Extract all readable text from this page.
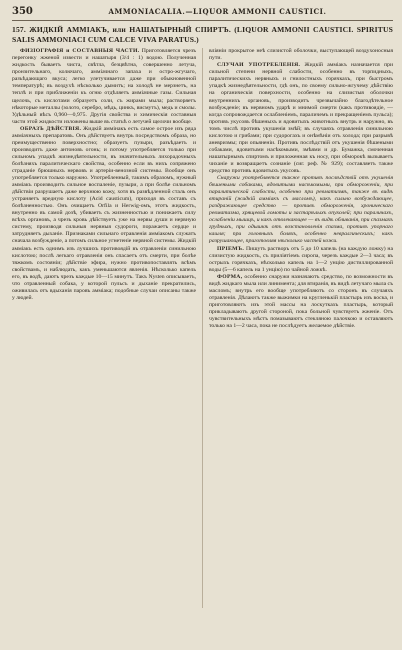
350	AMMONIACALIA.—LIQUOR AMMONII CAUSTICI.
157. ЖИДКІЙ АММІАКЪ, или НАШАТЫРНЫЙ СПИРТЪ. (LIQUOR AMMONII CAUSTICI. SPIRITUS SALIS AMMONIACI CUM CALCE VIVA PARATUS.)

ФИЗІОГРАФІЯ и СОСТАВНЫЯ ЧАСТИ. Приготовляется чрезъ перегонку жженой извести и нашатыря (3/4 : 1) водою. Полученная жидкость бываетъ чиста, свѣтла, безцвѣтна, совершенно летуча, пронзительнаго, колючаго, амміачнаго запаха и остро-жгучаго, разъѣдающаго вкуса; легко улетучивается даже при обыкновенной температурѣ; въ воздухѣ нѣсколько дымитъ; на холодѣ не мерзнетъ, на теплѣ и при приближеніи къ огню отдѣляетъ амміачные газы. Сильная щелочь, съ кислотами образуетъ соли, съ жирами мыла; растворяетъ нѣкоторые металлы (золото, серебро, мѣдь, цинкъ, висмутъ), медь и смолы. Удѣльный вѣсъ 0,960—0,975. Другія свойства и химическія составныя части этой жидкости изложены выше въ статьѣ о летучей щелочи вообще.

ОБРАЗЪ ДѢЙСТВІЯ. Жидкій аммінакъ есть самое острое изъ ряда амміачныхъ препаратовъ. Онъ дѣйствуетъ внутрь посредствомъ образа, но преимущественно поверхностно; образуетъ пузыри, разъѣдаетъ и производитъ даже антоновъ огонь; и потому употребляется только при сильномъ упадкѣ жизнедѣятельности, въ значительныхъ лихорадочныхъ болѣзняхъ паралитическаго свойства, особенно если въ нихъ сопряжено страданіе брюшныхъ нервовъ и артеріи-венозной системы. Вообще онъ употребляется только наружно. Употребленный, такимъ образомъ, нужный амміакъ производитъ сильное воспаленіе, пузыри, а при болѣе сильномъ дѣйствіи разрушаетъ даже верхнюю кожу, хотя въ развѣдленной сталь онъ устраняетъ вредную кислоту (Acid causticum), приходя въ составъ съ болѣзненностью. Онъ очищаетъ Orfila и Herwig-омъ, этотъ жидкость, внутренно въ самой дозѣ, убиваетъ съ жизненностью и понижаетъ силу всѣхъ органовъ, а чрезъ кровь дѣйствуетъ уже на нервы души и нервную систему, производя сильныя нервныя судороги, поражаетъ сердце и затрудняетъ дыханіе. Признаками сильнаго отравленія амміакомъ служатъ сначала возбужденіе, а потомъ сильное угнетеніе нервной системы. Жидкій амміакъ есть однимъ изъ лучшихъ противоядій въ отравленіи синильною кислотою; послѣ легкаго отравленія онъ спасаетъ отъ смерти, при болѣе тяжкомъ состояніи; дѣйствіе эфира, нужно противопоставлять всѣмъ свойствамъ, и наблюдать, какъ уменьшаются явленія. Нѣсколько капель его, въ водѣ, даютъ чрезъ каждые 10—15 минутъ. Такъ Nysten описываетъ, что отравленный собака, у которой пульсъ и дыханіе прекратились, оживилась отъ вдыханія паровъ амміака; подобные случаи описаны также у людей.

вліяніи прокрытое неѣ слизистой оболочки, выступающей воздухоносныя пути.

СЛУЧАИ УПОТРЕБЛЕНІЯ. Жидкій амміакъ назначается при сильной степени нервной слабости, особенно въ торпидныхъ, паралитическихъ нервныхъ и гнилостныхъ горячкахъ, при быстромъ упадкѣ жизнедѣятельности, гдѣ онъ, по своему сильно-жгучему дѣйствію на органическія поверхности, особенно на слизистыя оболочки внутреннихъ органовъ, производитъ чрезвычайно благодѣтельное возбужденіе; въ нервномъ ударѣ и мнимой смерти (какъ противоядіе, — когда сопровождается ослабленіемъ, параличемъ и прекращеніемъ пульса); противъ укусовъ бѣшеныхъ и ядовитыхъ животныхъ внутрь и наружно, въ томъ числѣ противъ укушенія змѣй; въ случаяхъ отравленія синильною кислотою и грибами; при судорогахъ и онѣмѣніи отъ холода; при разрывѣ аневризмы; при опьяненіи. Противъ послѣдствій отъ укушенія бѣшеными собаками, ядовитыми насѣкомыми, змѣями и др. Бумажка, смоченная нашатырнымъ спиртомъ и приложенная къ носу, при обморокѣ вызываетъ чиханіе и возвращаетъ сознаніе (сиг. реф. № 929); составляетъ также средство противъ ядовитыхъ укусовъ.

Снаружи употребляется также противъ послѣдствій отъ укушенія бѣшеными собаками, ядовитыми насѣкомыми, при обмороженіи, при паралитической слабости, особенно при ревматизмѣ, также въ видѣ втираній (жидкій амміакъ съ масломъ), какъ сильно возбуждающее, раздражающее средство — противъ обмороженія, хроническаго ревматизма, хрящевой ломоты и застарѣлыхъ опухолей; при параличахъ, ослабленіи мышцъ, и какъ отвлекающее — въ видѣ обливанія, при спазмахъ грудныхъ, при одышкѣ отъ возстановленія спазма, противъ упорнаго кашля; при головныхъ боляхъ, особенно невралгическихъ; какъ разрушающее, приготовляя нѣсколько частей кожи.

ПРІЕМЪ. Пишутъ растворъ отъ 5 до 10 капель (на каждую ложку) на слизистую жидкость, съ приліятіемъ сиропа, черезъ каждые 2—3 часа; въ острыхъ горячкахъ, нѣсколько капель на 1—2 унцію дистиллированной воды (5—6 капель на 1 унцію) по чайной ложкѣ.

ФОРМА, особенно снаружи назначаютъ средство, по возможности въ видѣ жидкаго мыла или линимента; для втиранія, въ видѣ летучаго мыла съ масломъ; внутрь его вообще употребляютъ со сторонъ въ случаяхъ отравленія. Дѣлаютъ также выжимки на кругленькій пластырь изъ воска, и приготовляютъ изъ этой массы на лоскуткахъ пластырь, который прикладываютъ другой стороной, пока больной чувствуетъ жженіе. Отъ чувствительныхъ мѣстъ помазываютъ стекляною палочкою и оставляютъ только на 1—2 часа, пока не послѣдуетъ желаемое дѣйствіе.
